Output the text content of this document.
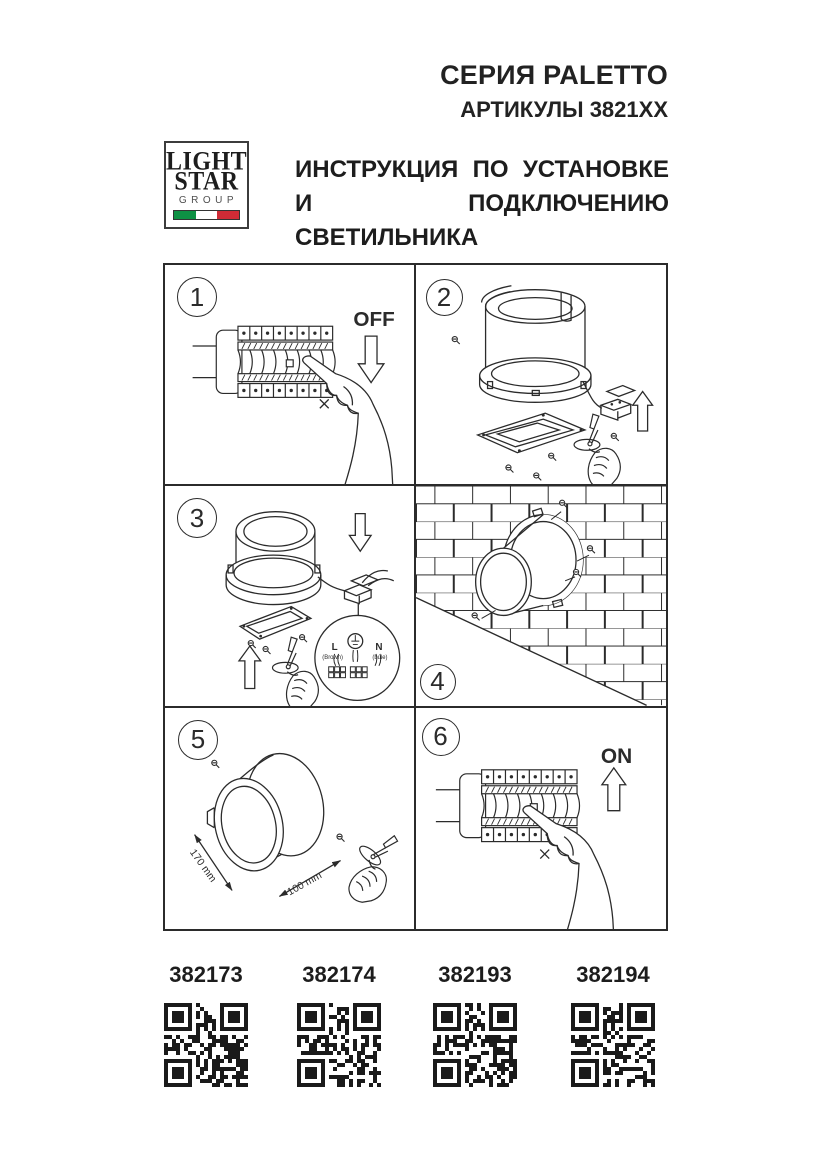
СЕРИЯ PALETTO
АРТИКУЛЫ 3821XX
LIGHT
STAR
GROUP
ИНСТРУКЦИЯ ПО УСТАНОВКЕ
И ПОДКЛЮЧЕНИЮ СВЕТИЛЬНИКА
1
OFF
2
3
L
(Brown)
N
(bule)
4
5
170 mm	100 mm
6
ON
382173	382174	382193	382194
